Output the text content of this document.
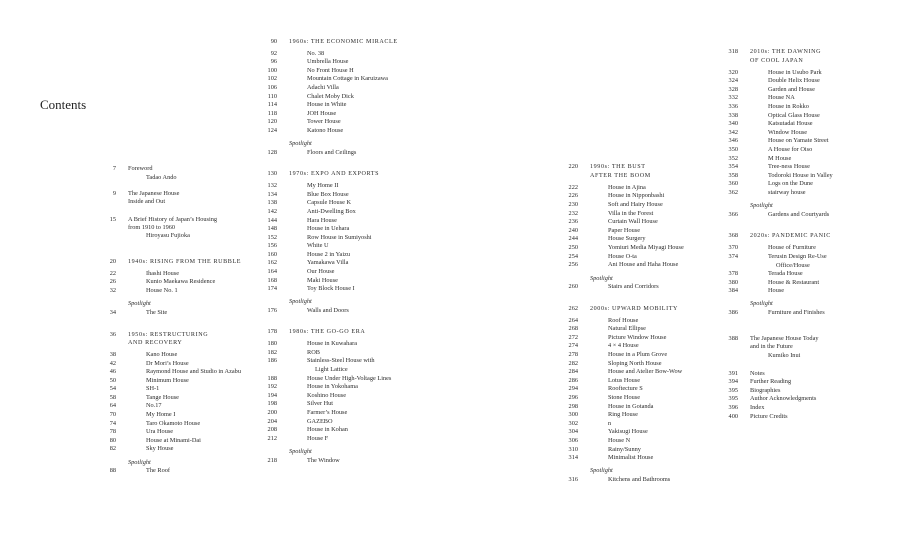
Contents
7 Foreword
Tadao Ando
9 The Japanese House
Inside and Out
15 A Brief History of Japan’s Housing
from 1910 to 1960
Hiroyasu Fujioka
20 1940s: RISING FROM THE RUBBLE
22	Ihashi House
26	Kunio Maekawa Residence
32	House No. 1
Spotlight
34	The Site
36 1950s: RESTRUCTURING
AND RECOVERY
38	Kano House
42	Dr Mori’s House
46	Raymond House and Studio in Azabu
50	Minimum House
54	SH-1
58	Tange House
64	No.17
70	My Home I
74	Taro Okamoto House
78	Ura House
80	House at Minami-Dai
82	Sky House
Spotlight
88	The Roof
90 1960s: THE ECONOMIC MIRACLE
92	No. 38
96	Umbrella House
100	No Front House H
102	Mountain Cottage in Karuizawa
106	Adachi Villa
110	Chalet Moby Dick
114	House in White
118	JOH House
120	Tower House
124	Katono House
Spotlight
128	Floors and Ceilings
130 1970s: EXPO AND EXPORTS
132	My Home II
134	Blue Box House
138	Capsule House K
142	Anti-Dwelling Box
144	Hara House
148	House in Uehara
152	Row House in Sumiyoshi
156	White U
160	House 2 in Yaizu
162	Yamakawa Villa
164	Our House
168	Maki House
174	Toy Block House I
Spotlight
176	Walls and Doors
178 1980s: THE GO-GO ERA
180	House in Kuwahara
182	ROB
186	Stainless-Steel House with
Light Lattice
188	House Under High-Voltage Lines
192	House in Yokohama
194	Koshino House
198	Silver Hut
200	Farmer’s House
204	GAZEBO
208	House in Kohan
212	House F
Spotlight
218	The Window
220 1990s: THE BUST
AFTER THE BOOM
222	House in Ajina
226	House in Nipponbashi
230	Soft and Hairy House
232	Villa in the Forest
236	Curtain Wall House
240	Paper House
244	House Surgery
250	Yomiuri Media Miyagi House
254	House O-ta
256	Ani House and Haha House
Spotlight
260	Stairs and Corridors
262 2000s: UPWARD MOBILITY
264	Roof House
268	Natural Ellipse
272	Picture Window House
274	4 × 4 House
278	House in a Plum Grove
282	Sloping North House
284	House and Atelier Bow-Wow
286	Lotus House
294	Rooftecture S
296	Stone House
298	House in Gotanda
300	Ring House
302	n
304	Yakisugi House
306	House N
310	Rainy/Sunny
314	Minimalist House
Spotlight
316	Kitchens and Bathrooms
318 2010s: THE DAWNING
OF COOL JAPAN
320	House in Usubo Park
324	Double Helix House
328	Garden and House
332	House NA
336	House in Rokko
338	Optical Glass House
340	Katsutadai House
342	Window House
346	House on Yamate Street
350	A House for Oiso
352	M House
354	Tree-ness House
358	Todoroki House in Valley
360	Logs on the Dune
362	stairway house
Spotlight
366	Gardens and Courtyards
368 2020s: PANDEMIC PANIC
370	House of Furniture
374	Terusin Design Re-Use
Office/House
378	Terada House
380	House & Restaurant
384	House
Spotlight
386	Furniture and Finishes
388 The Japanese House Today
and in the Future
Kumiko Inui
391 Notes
394 Further Reading
395 Biographies
395 Author Acknowledgments
396 Index
400 Picture Credits
